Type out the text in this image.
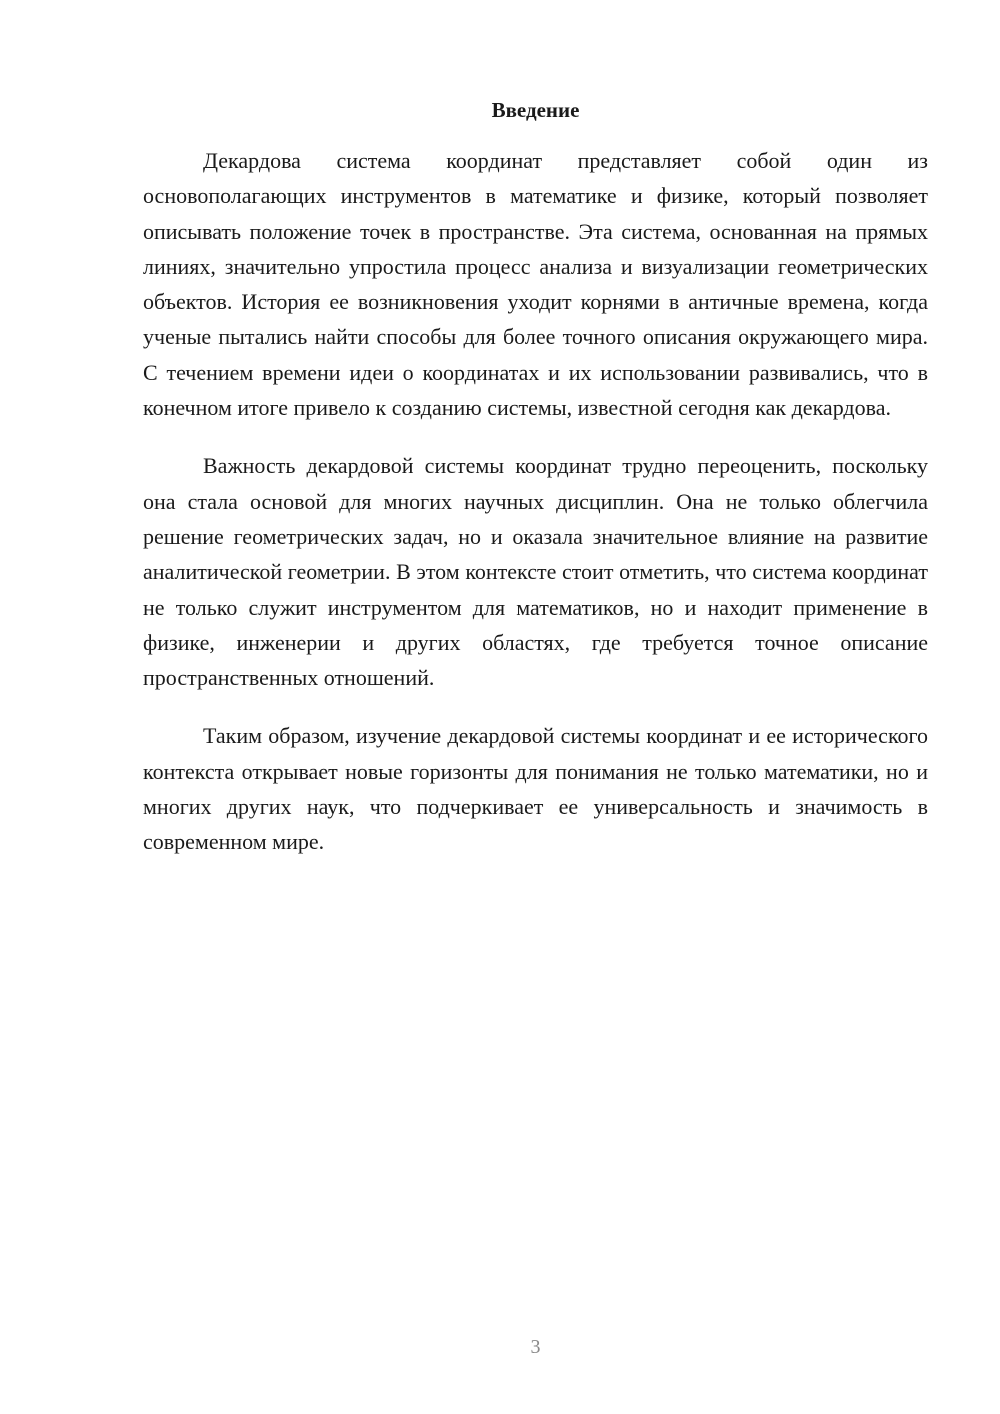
Введение

Декардова система координат представляет собой один из основополагающих инструментов в математике и физике, который позволяет описывать положение точек в пространстве. Эта система, основанная на прямых линиях, значительно упростила процесс анализа и визуализации геометрических объектов. История ее возникновения уходит корнями в античные времена, когда ученые пытались найти способы для более точного описания окружающего мира. С течением времени идеи о координатах и их использовании развивались, что в конечном итоге привело к созданию системы, известной сегодня как декардова.

Важность декардовой системы координат трудно переоценить, поскольку она стала основой для многих научных дисциплин. Она не только облегчила решение геометрических задач, но и оказала значительное влияние на развитие аналитической геометрии. В этом контексте стоит отметить, что система координат не только служит инструментом для математиков, но и находит применение в физике, инженерии и других областях, где требуется точное описание пространственных отношений.

Таким образом, изучение декардовой системы координат и ее исторического контекста открывает новые горизонты для понимания не только математики, но и многих других наук, что подчеркивает ее универсальность и значимость в современном мире.

3
